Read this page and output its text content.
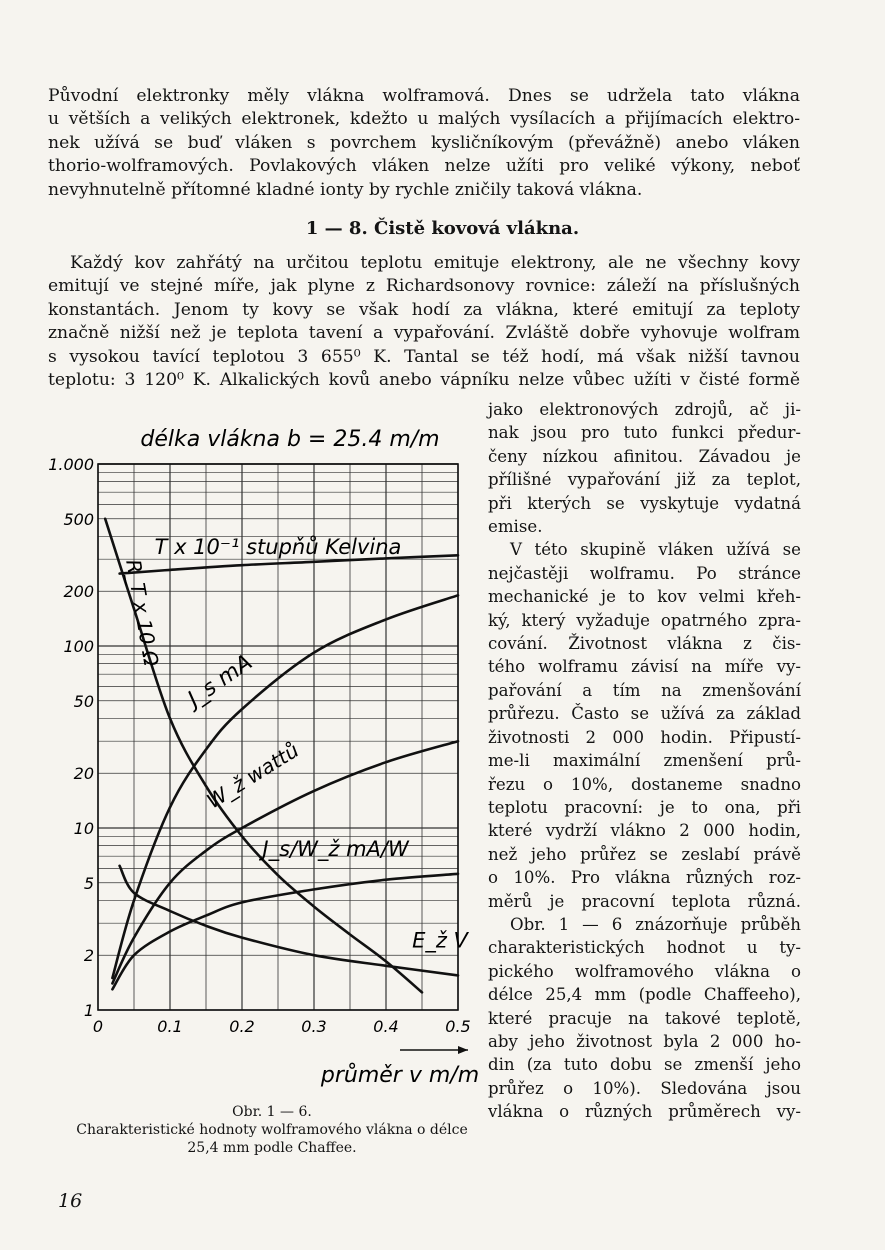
Původní elektronky měly vlákna wolframová. Dnes se udržela tato vlákna
u větších a velikých elektronek, kdežto u malých vysílacích a přijímacích elektro-
nek užívá se buď vláken s povrchem kysličníkovým (převážně) anebo vláken
thorio-wolframových. Povlakových vláken nelze užíti pro veliké výkony, neboť
nevyhnutelně přítomné kladné ionty by rychle zničily taková vlákna.
1 — 8. Čistě kovová vlákna.
Každý kov zahřátý na určitou teplotu emituje elektrony, ale ne všechny kovy
emitují ve stejné míře, jak plyne z Richardsonovy rovnice: záleží na příslušných
konstantách. Jenom ty kovy se však hodí za vlákna, které emitují za teploty
značně nižší než je teplota tavení a vypařování. Zvláště dobře vyhovuje wolfram
s vysokou tavící teplotou 3 655⁰ K. Tantal se též hodí, má však nižší tavnou
teplotu: 3 120⁰ K. Alkalických kovů anebo vápníku nelze vůbec užíti v čisté formě
jako elektronových zdrojů, ač ji-
nak jsou pro tuto funkci předur-
čeny nízkou afinitou. Závadou je
přílišné vypařování již za teplot,
při kterých se vyskytuje vydatná
emise.
V této skupině vláken užívá se
nejčastěji wolframu. Po stránce
mechanické je to kov velmi křeh-
ký, který vyžaduje opatrného zpra-
cování. Životnost vlákna z čis-
tého wolframu závisí na míře vy-
pařování a tím na zmenšování
průřezu. Často se užívá za základ
životnosti 2 000 hodin. Připustí-
me-li maximální zmenšení prů-
řezu o 10%, dostaneme snadno
teplotu pracovní: je to ona, při
které vydrží vlákno 2 000 hodin,
než jeho průřez se zeslabí právě
o 10%. Pro vlákna různých roz-
měrů je pracovní teplota různá.
Obr. 1 — 6 znázorňuje průběh
charakteristických hodnot u ty-
pického wolframového vlákna o
délce 25,4 mm (podle Chaffeeho),
které pracuje na takové teplotě,
aby jeho životnost byla 2 000 ho-
din (za tuto dobu se zmenší jeho
průřez o 10%). Sledována jsou
vlákna o různých průměrech vy-
1.000
500
200
100
50
20
10
5
2
1
0	0.1	0.2	0.3	0.4	0.5
T x 10⁻¹ stupňů Kelvina
R_T x 10 Ω
J_s mA
W_ž wattů
J_s/W_ž mA/W
E_ž V
délka vlákna b = 25.4 m/m
průměr v m/m
Obr. 1 — 6.
Charakteristické hodnoty wolframového vlákna o délce
25,4 mm podle Chaffee.
16
